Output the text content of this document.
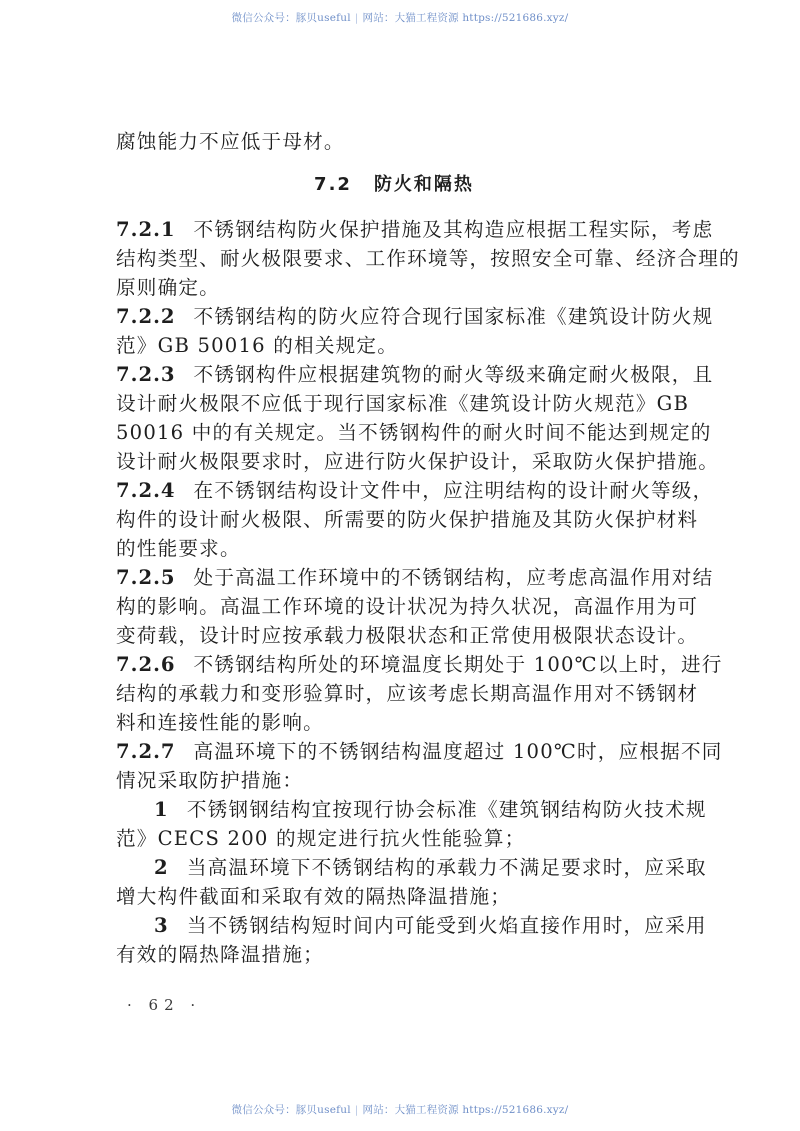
微信公众号：豚贝useful | 网站：大猫工程资源 https://521686.xyz/
腐蚀能力不应低于母材。
7.2 防火和隔热
7.2.1 不锈钢结构防火保护措施及其构造应根据工程实际，考虑
结构类型、耐火极限要求、工作环境等，按照安全可靠、经济合理的
原则确定。
7.2.2 不锈钢结构的防火应符合现行国家标准《建筑设计防火规
范》GB 50016 的相关规定。
7.2.3 不锈钢构件应根据建筑物的耐火等级来确定耐火极限，且
设计耐火极限不应低于现行国家标准《建筑设计防火规范》GB
50016 中的有关规定。当不锈钢构件的耐火时间不能达到规定的
设计耐火极限要求时，应进行防火保护设计，采取防火保护措施。
7.2.4 在不锈钢结构设计文件中，应注明结构的设计耐火等级，
构件的设计耐火极限、所需要的防火保护措施及其防火保护材料
的性能要求。
7.2.5 处于高温工作环境中的不锈钢结构，应考虑高温作用对结
构的影响。高温工作环境的设计状况为持久状况，高温作用为可
变荷载，设计时应按承载力极限状态和正常使用极限状态设计。
7.2.6 不锈钢结构所处的环境温度长期处于 100℃以上时，进行
结构的承载力和变形验算时，应该考虑长期高温作用对不锈钢材
料和连接性能的影响。
7.2.7 高温环境下的不锈钢结构温度超过 100℃时，应根据不同
情况采取防护措施：
1 不锈钢钢结构宜按现行协会标准《建筑钢结构防火技术规
范》CECS 200 的规定进行抗火性能验算；
2 当高温环境下不锈钢结构的承载力不满足要求时，应采取
增大构件截面和采取有效的隔热降温措施；
3 当不锈钢结构短时间内可能受到火焰直接作用时，应采用
有效的隔热降温措施；
· 62 ·
微信公众号：豚贝useful | 网站：大猫工程资源 https://521686.xyz/
